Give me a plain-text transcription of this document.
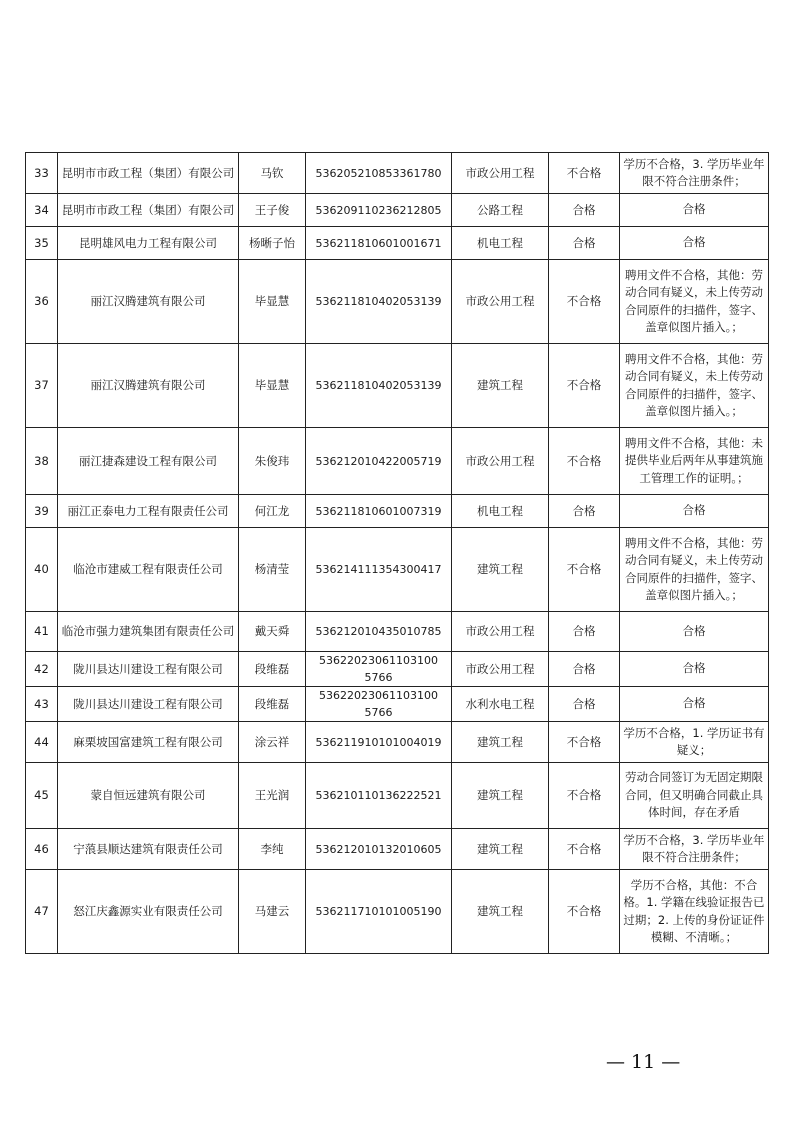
33	昆明市市政工程（集团）有限公司	马钦	536205210853361780	市政公用工程	不合格	学历不合格，3. 学历毕业年限不符合注册条件；
34	昆明市市政工程（集团）有限公司	王子俊	536209110236212805	公路工程	合格	合格
35	昆明雄风电力工程有限公司	杨晰子怡	536211810601001671	机电工程	合格	合格
36	丽江汉腾建筑有限公司	毕显慧	536211810402053139	市政公用工程	不合格	聘用文件不合格，其他：劳动合同有疑义，未上传劳动合同原件的扫描件，签字、盖章似图片插入。；
37	丽江汉腾建筑有限公司	毕显慧	536211810402053139	建筑工程	不合格	聘用文件不合格，其他：劳动合同有疑义，未上传劳动合同原件的扫描件，签字、盖章似图片插入。；
38	丽江捷森建设工程有限公司	朱俊玮	536212010422005719	市政公用工程	不合格	聘用文件不合格，其他：未提供毕业后两年从事建筑施工管理工作的证明。；
39	丽江正泰电力工程有限责任公司	何江龙	536211810601007319	机电工程	合格	合格
40	临沧市建威工程有限责任公司	杨清莹	536214111354300417	建筑工程	不合格	聘用文件不合格，其他：劳动合同有疑义，未上传劳动合同原件的扫描件，签字、盖章似图片插入。；
41	临沧市强力建筑集团有限责任公司	戴天舜	536212010435010785	市政公用工程	合格	合格
42	陇川县达川建设工程有限公司	段维磊	53622023061103100 5766	市政公用工程	合格	合格
43	陇川县达川建设工程有限公司	段维磊	53622023061103100 5766	水利水电工程	合格	合格
44	麻栗坡国富建筑工程有限公司	涂云祥	536211910101004019	建筑工程	不合格	学历不合格，1. 学历证书有疑义；
45	蒙自恒远建筑有限公司	王光润	536210110136222521	建筑工程	不合格	劳动合同签订为无固定期限合同，但又明确合同截止具体时间，存在矛盾
46	宁蒗县顺达建筑有限责任公司	李纯	536212010132010605	建筑工程	不合格	学历不合格，3. 学历毕业年限不符合注册条件；
47	怒江庆鑫源实业有限责任公司	马建云	536211710101005190	建筑工程	不合格	学历不合格，其他：不合格。1. 学籍在线验证报告已过期；2. 上传的身份证证件模糊、不清晰。；
— 11 —
